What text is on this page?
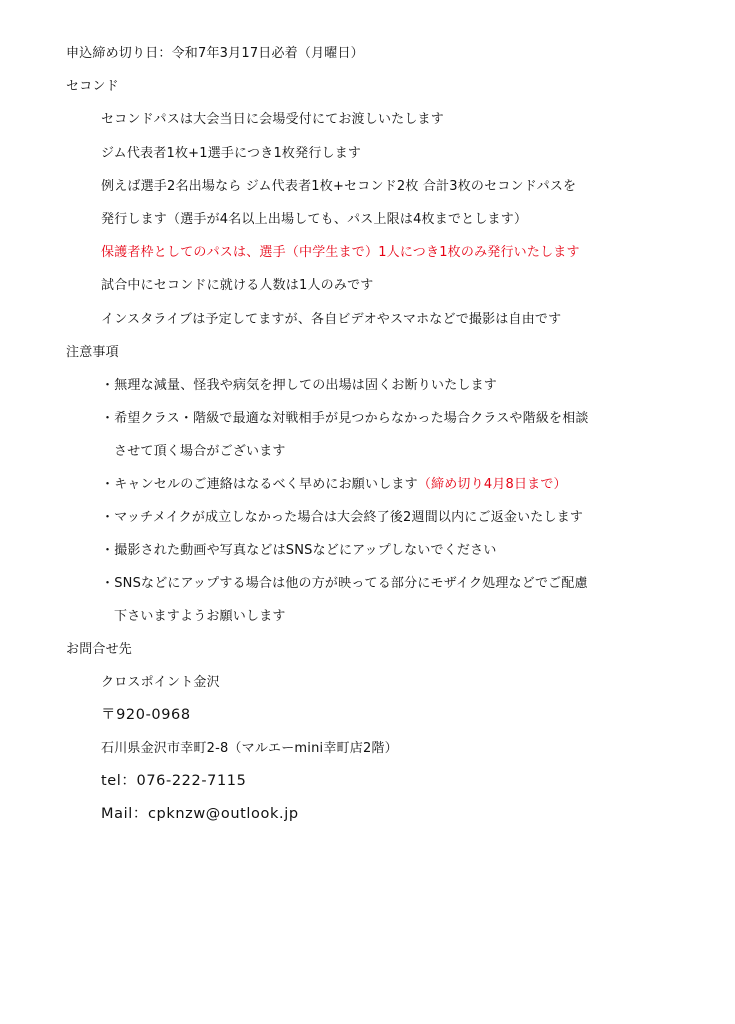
申込締め切り日：令和7年3月17日必着（月曜日）
セコンド
セコンドパスは大会当日に会場受付にてお渡しいたします
ジム代表者1枚+1選手につき1枚発行します
例えば選手2名出場なら ジム代表者1枚+セコンド2枚 合計3枚のセコンドパスを
発行します（選手が4名以上出場しても、パス上限は4枚までとします）
保護者枠としてのパスは、選手（中学生まで）1人につき1枚のみ発行いたします
試合中にセコンドに就ける人数は1人のみです
インスタライブは予定してますが、各自ビデオやスマホなどで撮影は自由です
注意事項
・無理な減量、怪我や病気を押しての出場は固くお断りいたします
・希望クラス・階級で最適な対戦相手が見つからなかった場合クラスや階級を相談
させて頂く場合がございます
・キャンセルのご連絡はなるべく早めにお願いします（締め切り4月8日まで）
・マッチメイクが成立しなかった場合は大会終了後2週間以内にご返金いたします
・撮影された動画や写真などはSNSなどにアップしないでください
・SNSなどにアップする場合は他の方が映ってる部分にモザイク処理などでご配慮
下さいますようお願いします
お問合せ先
クロスポイント金沢
〒920-0968
石川県金沢市幸町2-8（マルエーmini幸町店2階）
tel：076-222-7115
Mail：cpknzw@outlook.jp
